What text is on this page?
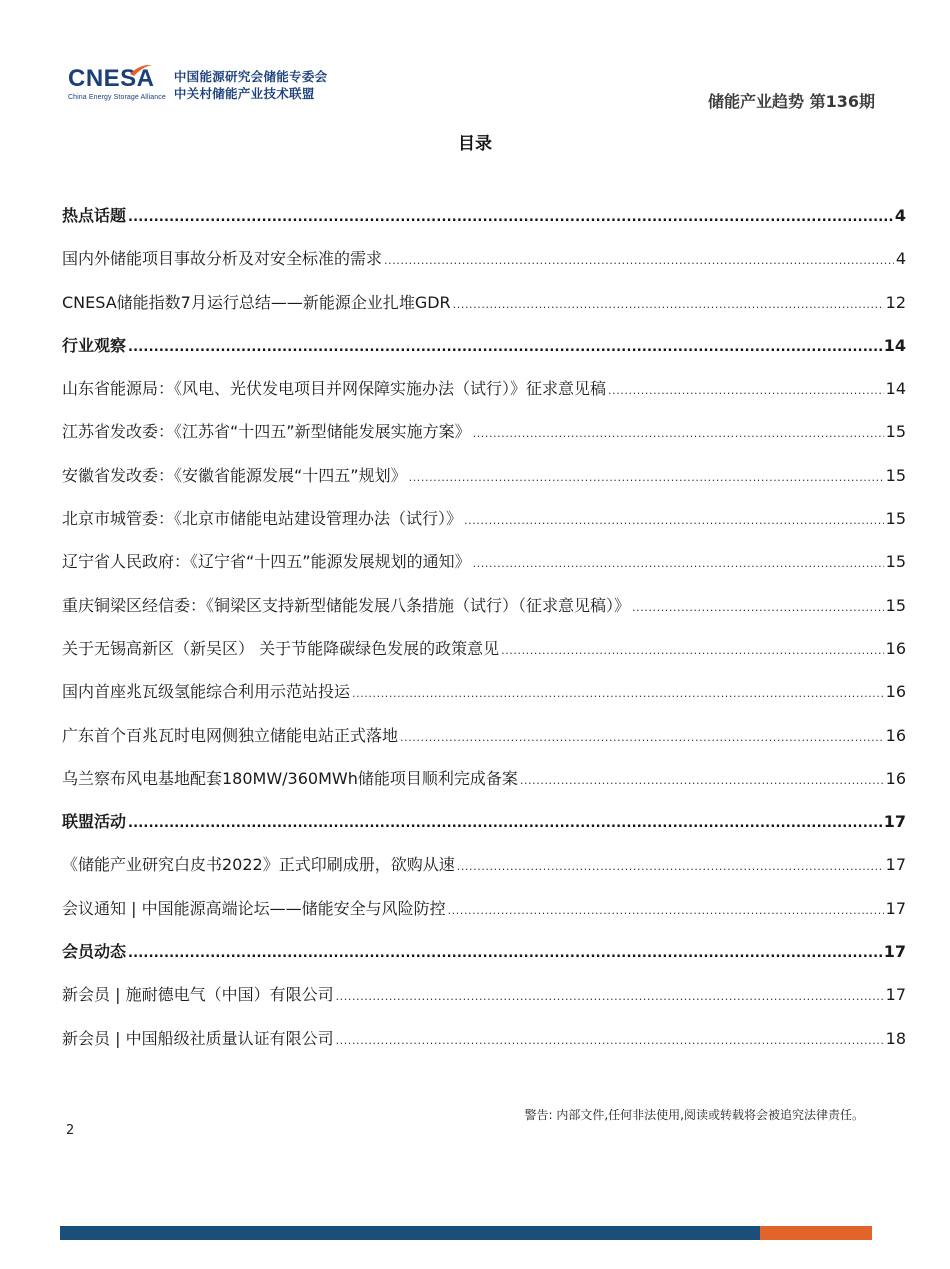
CNESA
China Energy Storage Alliance
中国能源研究会储能专委会
中关村储能产业技术联盟	储能产业趋势 第136期
目录
热点话题 .....	4
国内外储能项目事故分析及对安全标准的需求 .....	4
CNESA储能指数7月运行总结——新能源企业扎堆GDR .....	12
行业观察 .....	14
山东省能源局：《风电、光伏发电项目并网保障实施办法（试行）》征求意见稿 .....	14
江苏省发改委：《江苏省“十四五”新型储能发展实施方案》 .....	15
安徽省发改委：《安徽省能源发展“十四五”规划》 .....	15
北京市城管委：《北京市储能电站建设管理办法（试行）》 .....	15
辽宁省人民政府：《辽宁省“十四五”能源发展规划的通知》 .....	15
重庆铜梁区经信委：《铜梁区支持新型储能发展八条措施（试行）（征求意见稿）》 .....	15
关于无锡高新区（新吴区） 关于节能降碳绿色发展的政策意见 .....	16
国内首座兆瓦级氢能综合利用示范站投运 .....	16
广东首个百兆瓦时电网侧独立储能电站正式落地 .....	16
乌兰察布风电基地配套180MW/360MWh储能项目顺利完成备案 .....	16
联盟活动 .....	17
《储能产业研究白皮书2022》正式印刷成册，欲购从速 .....	17
会议通知 | 中国能源高端论坛——储能安全与风险防控 .....	17
会员动态 .....	17
新会员 | 施耐德电气（中国）有限公司 .....	17
新会员 | 中国船级社质量认证有限公司 .....	18
警告: 内部文件,任何非法使用,阅读或转载将会被追究法律责任。
2
